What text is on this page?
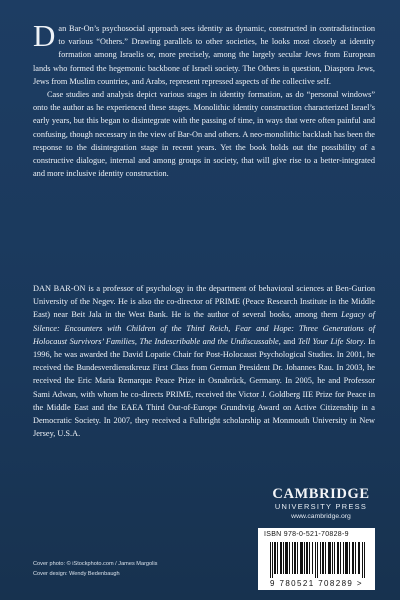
Dan Bar-On’s psychosocial approach sees identity as dynamic, constructed in contradistinction to various “Others.” Drawing parallels to other societies, he looks most closely at identity formation among Israelis or, more precisely, among the largely secular Jews from European lands who formed the hegemonic backbone of Israeli society. The Others in question, Diaspora Jews, Jews from Muslim countries, and Arabs, represent repressed aspects of the collective self.

Case studies and analysis depict various stages in identity formation, as do “personal windows” onto the author as he experienced these stages. Monolithic identity construction characterized Israel’s early years, but this began to disintegrate with the passing of time, in ways that were often painful and confusing, though necessary in the view of Bar-On and others. A neo-monolithic backlash has been the response to the disintegration stage in recent years. Yet the book holds out the possibility of a constructive dialogue, internal and among groups in society, that will give rise to a better-integrated and more inclusive identity construction.

DAN BAR-ON is a professor of psychology in the department of behavioral sciences at Ben-Gurion University of the Negev. He is also the co-director of PRIME (Peace Research Institute in the Middle East) near Beit Jala in the West Bank. He is the author of several books, among them Legacy of Silence: Encounters with Children of the Third Reich, Fear and Hope: Three Generations of Holocaust Survivors’ Families, The Indescribable and the Undiscussable, and Tell Your Life Story. In 1996, he was awarded the David Lopatie Chair for Post-Holocaust Psychological Studies. In 2001, he received the Bundesverdienstkreuz First Class from German President Dr. Johannes Rau. In 2003, he received the Eric Maria Remarque Peace Prize in Osnabrück, Germany. In 2005, he and Professor Sami Adwan, with whom he co-directs PRIME, received the Victor J. Goldberg IIE Prize for Peace in the Middle East and the EAEA Third Out-of-Europe Grundtvig Award on Active Citizenship in a Democratic Society. In 2007, they received a Fulbright scholarship at Monmouth University in New Jersey, U.S.A.

CAMBRIDGE
UNIVERSITY PRESS
www.cambridge.org
ISBN 978-0-521-70828-9
9 780521 708289 >
Cover photo: © iStockphoto.com / James Margolis
Cover design: Wendy Bedenbaugh
